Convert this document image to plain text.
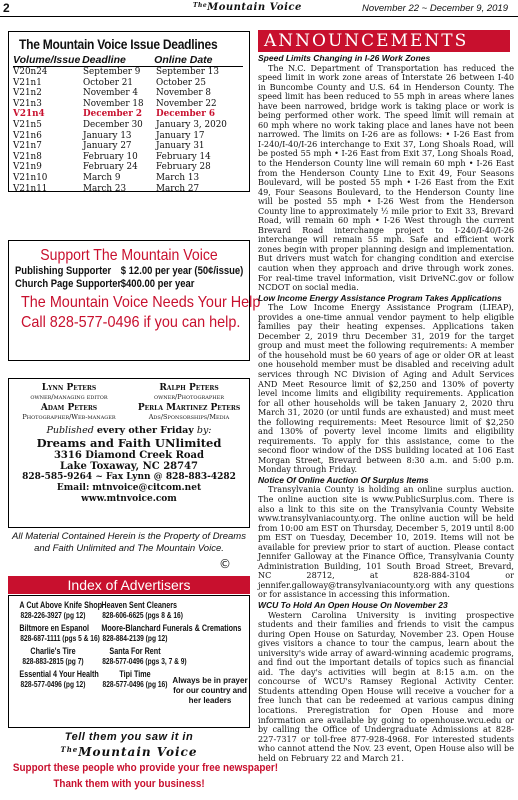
2	$^{The}$Mountain Voice	November 22 ~ December 9, 2019
The Mountain Voice Issue Deadlines
Volume/Issue Deadline	Online Date
V20n24	September 9	September 13
V21n1	October 21	October 25
V21n2	November 4	November 8
V21n3	November 18	November 22
V21n4	December 2	December 6
V21n5	December 30	January 3, 2020
V21n6	January 13	January 17
V21n7	January 27	January 31
V21n8	February 10	February 14
V21n9	February 24	February 28
V21n10	March 9	March 13
V21n11	March 23	March 27
Support The Mountain Voice
Publishing Supporter $ 12.00 per year (50¢/issue)
Church Page Supporter$400.00 per year
The Mountain Voice Needs Your Help
Call 828-577-0496 if you can help.
Lynn Peters
owner/managing editor
Ralph Peters
owner/Photographer
Adam Peters
Photographer/Web-manager
Perla Martinez Peters
Ads/Sponsorships/Media
Published every other Friday by:
Dreams and Faith UNlimited
3316 Diamond Creek Road
Lake Toxaway, NC 28747
828-585-9264 ~ Fax Lynn @ 828-883-4282
Email: mtnvoice@citcom.net
www.mtnvoice.com
All Material Contained Herein is the Property of Dreams and Faith Unlimited and The Mountain Voice.
©
Index of Advertisers
A Cut Above Knife Shop
828-226-3927 (pg 12)
Biltmore en Espanol
828-687-1111 (pgs 5 & 16)
Charlie's Tire
828-883-2815 (pg 7)
Essential 4 Your Health
828-577-0496 (pg 12)
Heaven Sent Cleaners
828-606-6625 (pgs 8 & 16)
Moore-Blanchard Funerals & Cremations
828-884-2139 (pg 12)
Santa For Rent
828-577-0496 (pgs 3, 7 & 9)
Tipi Time
828-577-0496 (pg 16) Always be in prayer for our country and her leaders
Tell them you saw it in
$^{The}$Mountain Voice
Support these people who provide your free newspaper!
Thank them with your business!
ANNOUNCEMENTS
Speed Limits Changing in I-26 Work Zones

The N.C. Department of Transportation has reduced the speed limit in work zone areas of Interstate 26 between I-40 in Buncombe County and U.S. 64 in Henderson County. The speed limit has been reduced to 55 mph in areas where lanes have been narrowed, bridge work is taking place or work is being performed other work. The speed limit will remain at 60 mph where no work taking place and lanes have not been narrowed. The limits on I-26 are as follows: • I-26 East from I-240/I-40/I-26 interchange to Exit 37, Long Shoals Road, will be posted 55 mph • I-26 East from Exit 37, Long Shoals Road, to the Henderson County line will remain 60 mph • I-26 East from the Henderson County Line to Exit 49, Four Seasons Boulevard, will be posted 55 mph • I-26 East from the Exit 49, Four Seasons Boulevard, to the Henderson County line will be posted 55 mph • I-26 West from the Henderson County line to approximately ½ mile prior to Exit 33, Brevard Road, will remain 60 mph • I-26 West through the current Brevard Road interchange project to I-240/I-40/I-26 interchange will remain 55 mph. Safe and efficient work zones begin with proper planning design and implementation. But drivers must watch for changing condition and exercise caution when they approach and drive through work zones. For real-time travel information, visit DriveNC.gov or follow NCDOT on social media.

Low Income Energy Assistance Program Takes Applications

The Low Income Energy Assistance Program (LIEAP), provides a one-time annual vendor payment to help eligible families pay their heating expenses. Applications taken December 2, 2019 thru December 31, 2019 for the target group and must meet the following requirements: A member of the household must be 60 years of age or older OR at least one household member must be disabled and receiving adult services through NC Division of Aging and Adult Services AND Meet Resource limit of $2,250 and 130% of poverty level income limits and eligibility requirements. Application for all other households will be taken January 2, 2020 thru March 31, 2020 (or until funds are exhausted) and must meet the following requirements: Meet Resource limit of $2,250 and 130% of poverty level income limits and eligibility requirements. To apply for this assistance, come to the second floor window of the DSS building located at 106 East Morgan Street, Brevard between 8:30 a.m. and 5:00 p.m. Monday through Friday.

Notice Of Online Auction Of Surplus Items

Transylvania County is holding an online surplus auction. The online auction site is www.PublicSurplus.com. There is also a link to this site on the Transylvania County Website www.transylvaniacounty.org. The online auction will be held from 10:00 am EST on Thursday, December 5, 2019 until 8:00 pm EST on Tuesday, December 10, 2019. Items will not be available for preview prior to start of auction. Please contact Jennifer Galloway at the Finance Office, Transylvania County Administration Building, 101 South Broad Street, Brevard, NC 28712, at 828-884-3104 or jennifer.galloway@transylvaniacounty.org with any questions or for assistance in accessing this information.

WCU To Hold An Open House On November 23

Western Carolina University is inviting prospective students and their families and friends to visit the campus during Open House on Saturday, November 23. Open House gives visitors a chance to tour the campus, learn about the university's wide array of award-winning academic programs, and find out the important details of topics such as financial aid. The day's activities will begin at 8:15 a.m. on the concourse of WCU's Ramsey Regional Activity Center. Students attending Open House will receive a voucher for a free lunch that can be redeemed at various campus dining locations. Preregistration for Open House and more information are available by going to openhouse.wcu.edu or by calling the Office of Undergraduate Admissions at 828-227-7317 or toll-free 877-928-4968. For interested students who cannot attend the Nov. 23 event, Open House also will be held on February 22 and March 21.
